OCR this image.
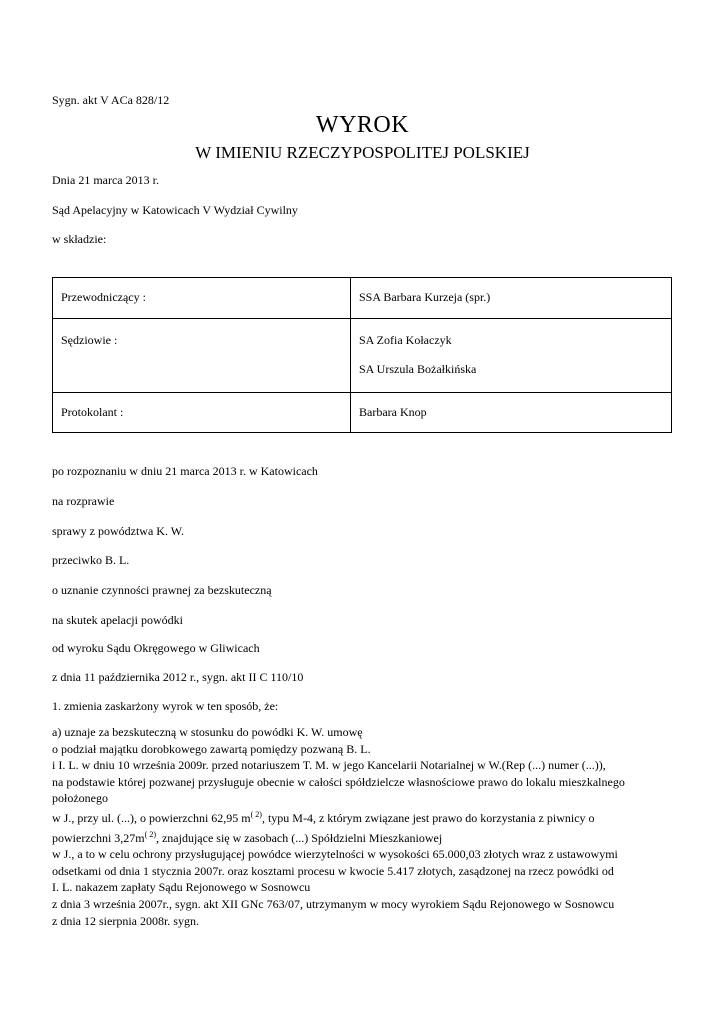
Sygn. akt V ACa 828/12
WYROK
W IMIENIU RZECZYPOSPOLITEJ POLSKIEJ
Dnia 21 marca 2013 r.
Sąd Apelacyjny w Katowicach V Wydział Cywilny
w składzie:
Przewodniczący :	SSA Barbara Kurzeja (spr.)
Sędziowie :	SA Zofia Kołaczyk
SA Urszula Bożałkińska

Protokolant :	Barbara Knop
po rozpoznaniu w dniu 21 marca 2013 r. w Katowicach
na rozprawie
sprawy z powództwa K. W.
przeciwko B. L.
o uznanie czynności prawnej za bezskuteczną
na skutek apelacji powódki
od wyroku Sądu Okręgowego w Gliwicach
z dnia 11 października 2012 r., sygn. akt II C 110/10
1. zmienia zaskarżony wyrok w ten sposób, że:
a) uznaje za bezskuteczną w stosunku do powódki K. W. umowę
o podział majątku dorobkowego zawartą pomiędzy pozwaną B. L.
i I. L. w dniu 10 września 2009r. przed notariuszem T. M. w jego Kancelarii Notarialnej w W.(Rep (...) numer (...)),
na podstawie której pozwanej przysługuje obecnie w całości spółdzielcze własnościowe prawo do lokalu mieszkalnego
położonego
w J., przy ul. (...), o powierzchni 62,95 $m^{( 2)}$, typu M-4, z którym związane jest prawo do korzystania z piwnicy o
powierzchni $3,27m^{( 2)}$, znajdujące się w zasobach (...) Spółdzielni Mieszkaniowej
w J., a to w celu ochrony przysługującej powódce wierzytelności w wysokości 65.000,03 złotych wraz z ustawowymi
odsetkami od dnia 1 stycznia 2007r. oraz kosztami procesu w kwocie 5.417 złotych, zasądzonej na rzecz powódki od
I. L. nakazem zapłaty Sądu Rejonowego w Sosnowcu
z dnia 3 września 2007r., sygn. akt XII GNc 763/07, utrzymanym w mocy wyrokiem Sądu Rejonowego w Sosnowcu
z dnia 12 sierpnia 2008r. sygn.
